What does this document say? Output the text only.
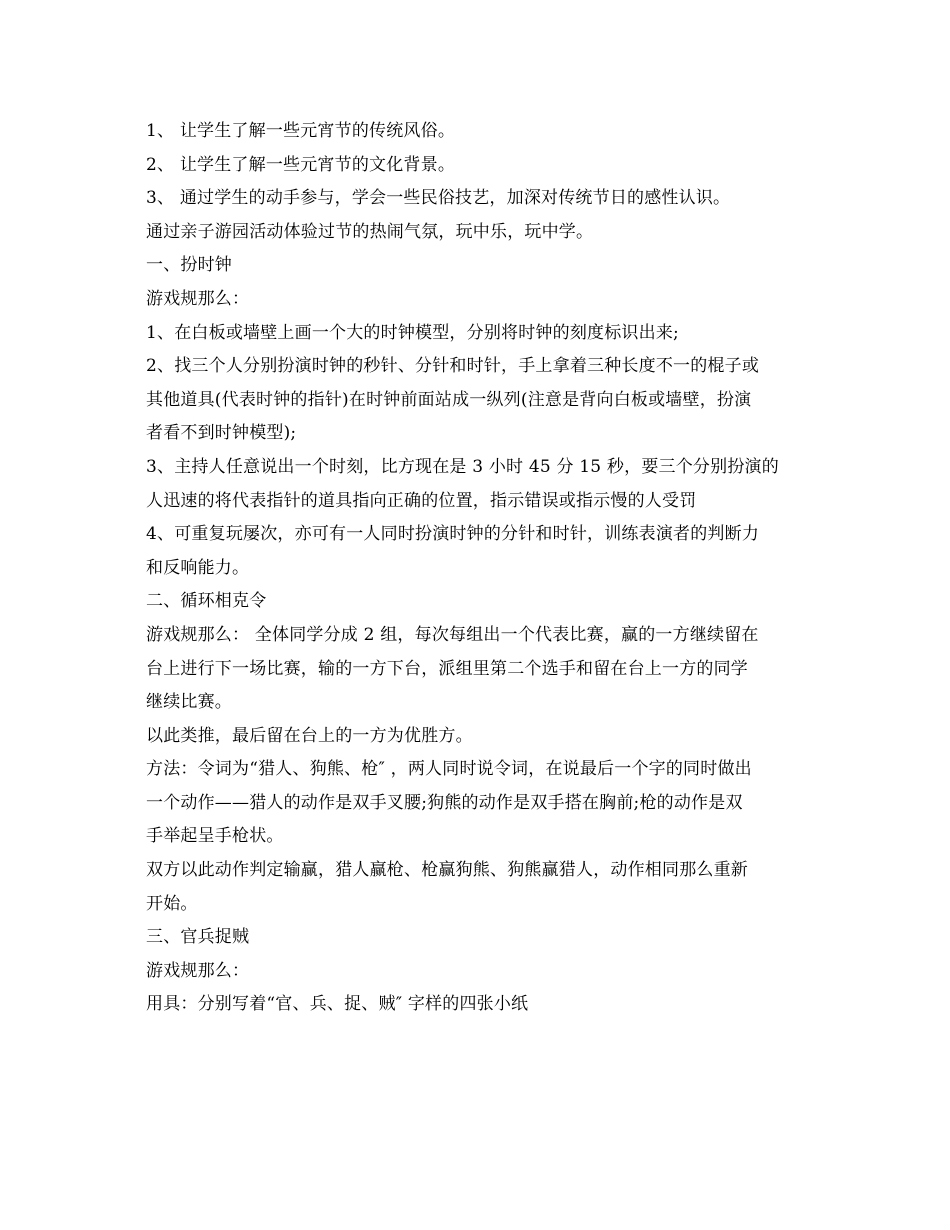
1、 让学生了解一些元宵节的传统风俗。

2、 让学生了解一些元宵节的文化背景。

3、 通过学生的动手参与，学会一些民俗技艺，加深对传统节日的感性认识。

通过亲子游园活动体验过节的热闹气氛，玩中乐，玩中学。

一、扮时钟

游戏规那么：

1、在白板或墙壁上画一个大的时钟模型，分别将时钟的刻度标识出来;

2、找三个人分别扮演时钟的秒针、分针和时针，手上拿着三种长度不一的棍子或

其他道具(代表时钟的指针)在时钟前面站成一纵列(注意是背向白板或墙壁，扮演

者看不到时钟模型);

3、主持人任意说出一个时刻，比方现在是 3 小时 45 分 15 秒，要三个分别扮演的

人迅速的将代表指针的道具指向正确的位置，指示错误或指示慢的人受罚

4、可重复玩屡次，亦可有一人同时扮演时钟的分针和时针，训练表演者的判断力

和反响能力。

二、循环相克令

游戏规那么： 全体同学分成 2 组，每次每组出一个代表比赛，赢的一方继续留在

台上进行下一场比赛，输的一方下台，派组里第二个选手和留在台上一方的同学

继续比赛。

以此类推，最后留在台上的一方为优胜方。

方法：令词为“猎人、狗熊、枪″ ，两人同时说令词，在说最后一个字的同时做出

一个动作——猎人的动作是双手叉腰;狗熊的动作是双手搭在胸前;枪的动作是双

手举起呈手枪状。

双方以此动作判定输赢，猎人赢枪、枪赢狗熊、狗熊赢猎人，动作相同那么重新

开始。

三、官兵捉贼

游戏规那么：

用具：分别写着“官、兵、捉、贼″ 字样的四张小纸
